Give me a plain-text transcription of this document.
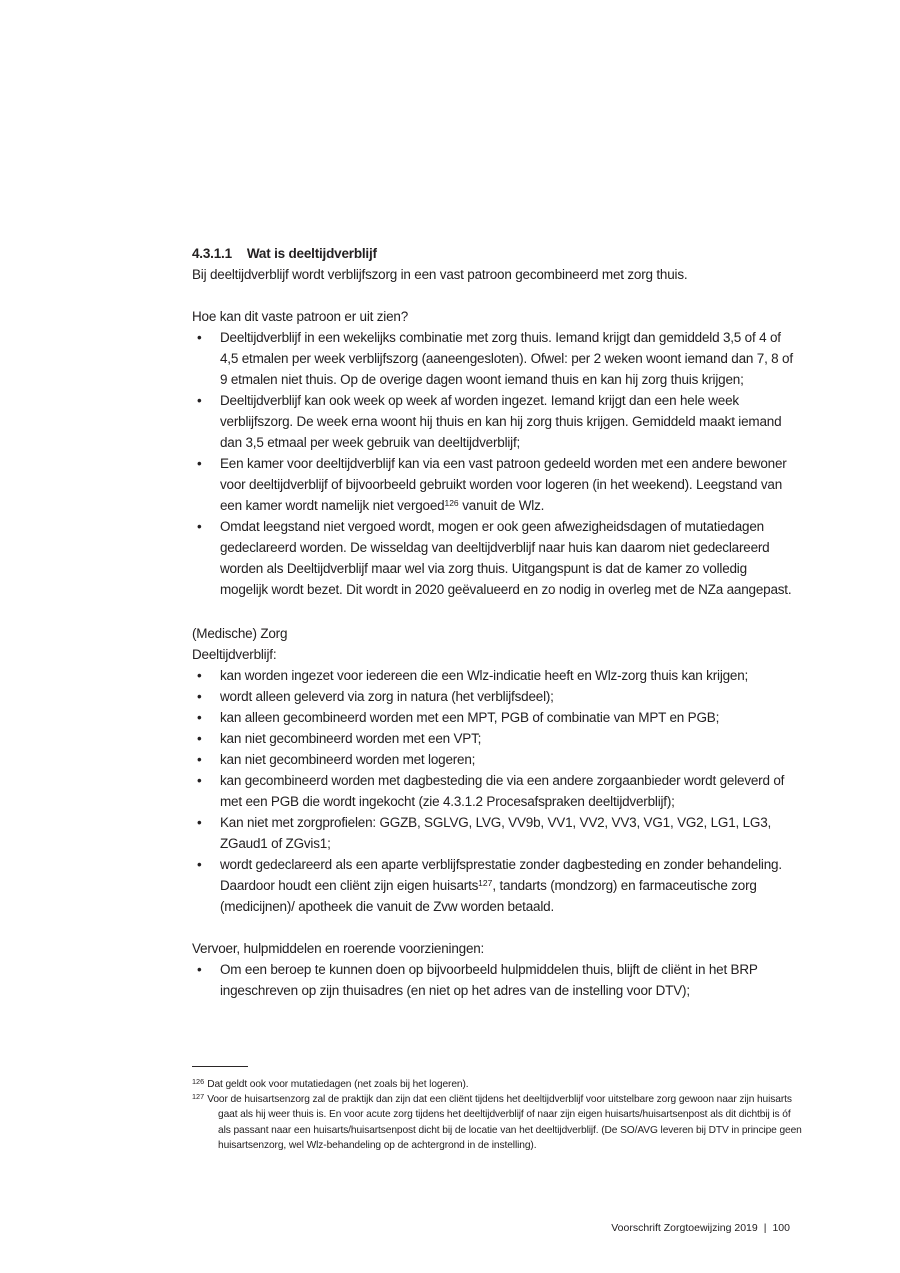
4.3.1.1 Wat is deeltijdverblijf

Bij deeltijdverblijf wordt verblijfszorg in een vast patroon gecombineerd met zorg thuis.

Hoe kan dit vaste patroon er uit zien?

• Deeltijdverblijf in een wekelijks combinatie met zorg thuis. Iemand krijgt dan gemiddeld 3,5 of 4 of 4,5 etmalen per week verblijfszorg (aaneengesloten). Ofwel: per 2 weken woont iemand dan 7, 8 of 9 etmalen niet thuis. Op de overige dagen woont iemand thuis en kan hij zorg thuis krijgen;
• Deeltijdverblijf kan ook week op week af worden ingezet. Iemand krijgt dan een hele week verblijfszorg. De week erna woont hij thuis en kan hij zorg thuis krijgen. Gemiddeld maakt iemand dan 3,5 etmaal per week gebruik van deeltijdverblijf;
• Een kamer voor deeltijdverblijf kan via een vast patroon gedeeld worden met een andere bewoner voor deeltijdverblijf of bijvoorbeeld gebruikt worden voor logeren (in het weekend). Leegstand van een kamer wordt namelijk niet vergoed$^{126}$ vanuit de Wlz.
• Omdat leegstand niet vergoed wordt, mogen er ook geen afwezigheidsdagen of mutatiedagen gedeclareerd worden. De wisseldag van deeltijdverblijf naar huis kan daarom niet gedeclareerd worden als Deeltijdverblijf maar wel via zorg thuis. Uitgangspunt is dat de kamer zo volledig mogelijk wordt bezet. Dit wordt in 2020 geëvalueerd en zo nodig in overleg met de NZa aangepast.

(Medische) Zorg

Deeltijdverblijf:

• kan worden ingezet voor iedereen die een Wlz-indicatie heeft en Wlz-zorg thuis kan krijgen;
• wordt alleen geleverd via zorg in natura (het verblijfsdeel);
• kan alleen gecombineerd worden met een MPT, PGB of combinatie van MPT en PGB;
• kan niet gecombineerd worden met een VPT;
• kan niet gecombineerd worden met logeren;
• kan gecombineerd worden met dagbesteding die via een andere zorgaanbieder wordt geleverd of met een PGB die wordt ingekocht (zie 4.3.1.2 Procesafspraken deeltijdverblijf);
• Kan niet met zorgprofielen: GGZB, SGLVG, LVG, VV9b, VV1, VV2, VV3, VG1, VG2, LG1, LG3, ZGaud1 of ZGvis1;
• wordt gedeclareerd als een aparte verblijfsprestatie zonder dagbesteding en zonder behandeling. Daardoor houdt een cliënt zijn eigen huisarts$^{127}$, tandarts (mondzorg) en farmaceutische zorg (medicijnen)/ apotheek die vanuit de Zvw worden betaald.

Vervoer, hulpmiddelen en roerende voorzieningen:

• Om een beroep te kunnen doen op bijvoorbeeld hulpmiddelen thuis, blijft de cliënt in het BRP ingeschreven op zijn thuisadres (en niet op het adres van de instelling voor DTV);

$^{126}$ Dat geldt ook voor mutatiedagen (net zoals bij het logeren).

$^{127}$ Voor de huisartsenzorg zal de praktijk dan zijn dat een cliënt tijdens het deeltijdverblijf voor uitstelbare zorg gewoon naar zijn huisarts gaat als hij weer thuis is. En voor acute zorg tijdens het deeltijdverblijf of naar zijn eigen huisarts/huisartsenpost als dit dichtbij is óf als passant naar een huisarts/huisartsenpost dicht bij de locatie van het deeltijdverblijf. (De SO/AVG leveren bij DTV in principe geen huisartsenzorg, wel Wlz-behandeling op de achtergrond in de instelling).

Voorschrift Zorgtoewijzing 2019 | 100
